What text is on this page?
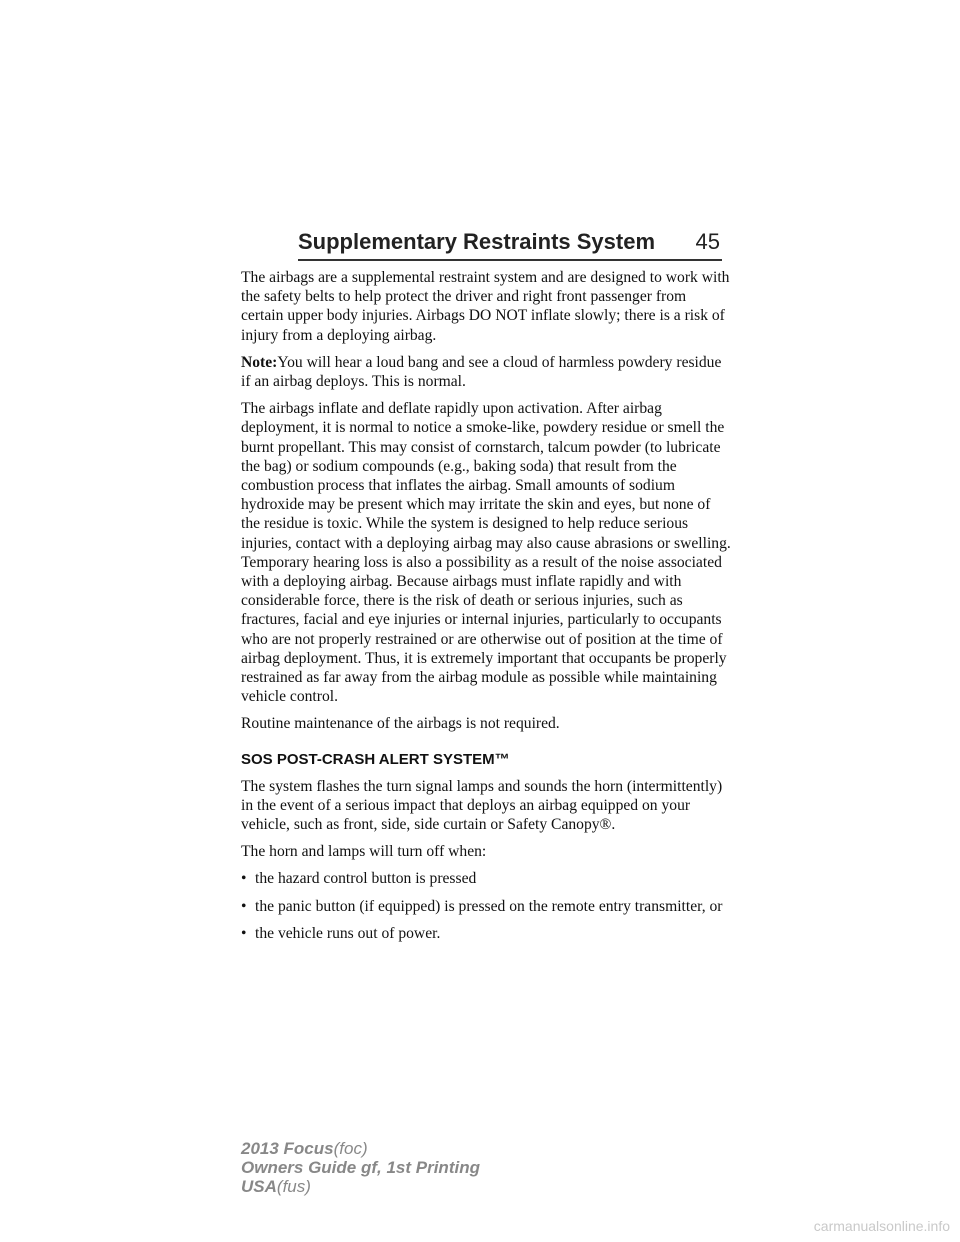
Supplementary Restraints System 45

The airbags are a supplemental restraint system and are designed to work with the safety belts to help protect the driver and right front passenger from certain upper body injuries. Airbags DO NOT inflate slowly; there is a risk of injury from a deploying airbag.

Note:You will hear a loud bang and see a cloud of harmless powdery residue if an airbag deploys. This is normal.

The airbags inflate and deflate rapidly upon activation. After airbag deployment, it is normal to notice a smoke-like, powdery residue or smell the burnt propellant. This may consist of cornstarch, talcum powder (to lubricate the bag) or sodium compounds (e.g., baking soda) that result from the combustion process that inflates the airbag. Small amounts of sodium hydroxide may be present which may irritate the skin and eyes, but none of the residue is toxic. While the system is designed to help reduce serious injuries, contact with a deploying airbag may also cause abrasions or swelling. Temporary hearing loss is also a possibility as a result of the noise associated with a deploying airbag. Because airbags must inflate rapidly and with considerable force, there is the risk of death or serious injuries, such as fractures, facial and eye injuries or internal injuries, particularly to occupants who are not properly restrained or are otherwise out of position at the time of airbag deployment. Thus, it is extremely important that occupants be properly restrained as far away from the airbag module as possible while maintaining vehicle control.

Routine maintenance of the airbags is not required.

SOS POST-CRASH ALERT SYSTEM™

The system flashes the turn signal lamps and sounds the horn (intermittently) in the event of a serious impact that deploys an airbag equipped on your vehicle, such as front, side, side curtain or Safety Canopy®.

The horn and lamps will turn off when:

• the hazard control button is pressed
• the panic button (if equipped) is pressed on the remote entry transmitter, or
• the vehicle runs out of power.
2013 Focus(foc)
Owners Guide gf, 1st Printing
USA(fus)
carmanualsonline.info
